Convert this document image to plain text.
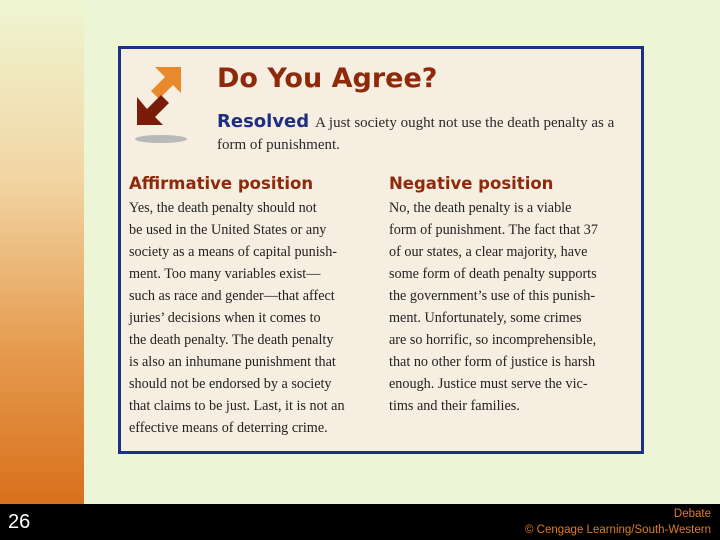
26	Debate
© Cengage Learning/South-Western
Do You Agree?
Resolved A just society ought not use the death penalty as a
form of punishment.
Affirmative position
Yes, the death penalty should not
be used in the United States or any
society as a means of capital punish-
ment. Too many variables exist—
such as race and gender—that affect
juries’ decisions when it comes to
the death penalty. The death penalty
is also an inhumane punishment that
should not be endorsed by a society
that claims to be just. Last, it is not an
effective means of deterring crime.
Negative position
No, the death penalty is a viable
form of punishment. The fact that 37
of our states, a clear majority, have
some form of death penalty supports
the government’s use of this punish-
ment. Unfortunately, some crimes
are so horrific, so incomprehensible,
that no other form of justice is harsh
enough. Justice must serve the vic-
tims and their families.
